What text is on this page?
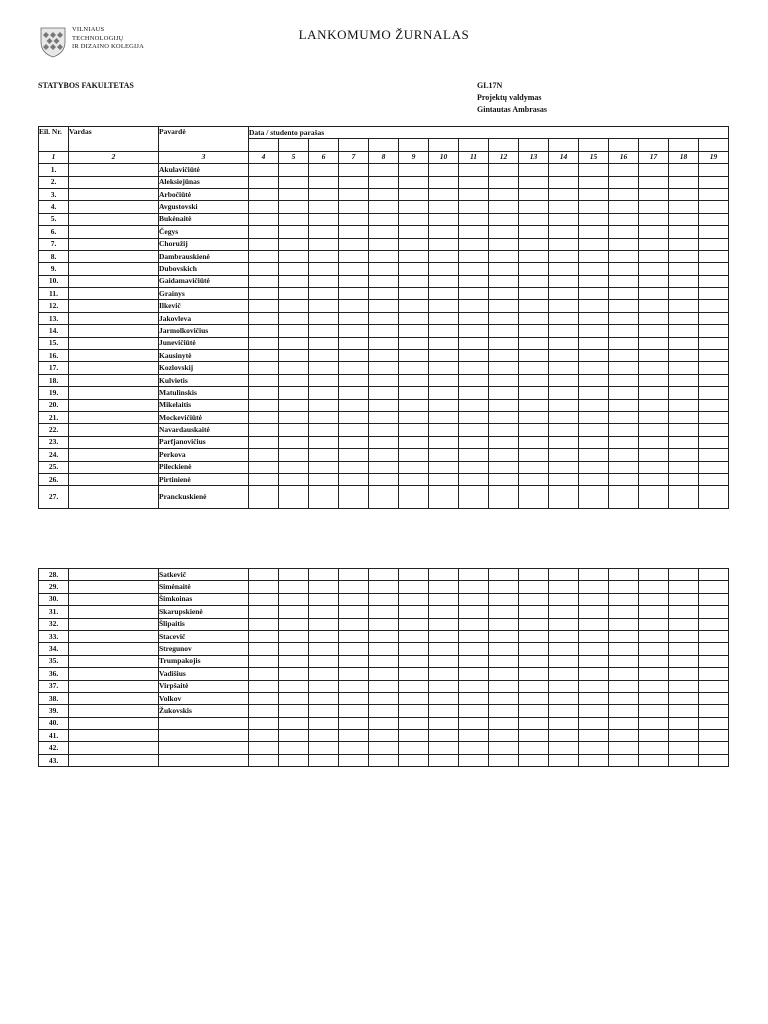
VILNIAUS
TECHNOLOGIJŲ
IR DIZAINO KOLEGIJA
LANKOMUMO ŽURNALAS
STATYBOS FAKULTETAS	GL17N
Projektų valdymas
Gintautas Ambrasas
Eil. Nr.	Vardas	Pavardė	Data / studento parašas															

1	2	3	4	5	6	7	8	9	10	11	12	13	14	15	16	17	18	19
1.		Akulavičiūtė																
2.		Aleksiejūnas																
3.		Arbočiūtė																
4.		Avgustovski																
5.		Bukėnaitė																
6.		Čegys																
7.		Choružij																
8.		Dambrauskienė																
9.		Dubovskich																
10.		Gaidamavičiūtė																
11.		Grainys																
12.		Ilkevič																
13.		Jakovleva																
14.		Jarmolkovičius																
15.		Junevičiūtė																
16.		Kausinytė																
17.		Kozlovskij																
18.		Kulvietis																
19.		Matulinskis																
20.		Mikelaitis																
21.		Mockevičiūtė																
22.		Navardauskaitė																
23.		Parfjanovičius																
24.		Perkova																
25.		Pileckienė																
26.		Pirtinienė																
27.		Pranckuskienė																
28.		Satkevič																
29.		Simėnaitė																
30.		Šimkoinas																
31.		Skarupskienė																
32.		Šlipaitis																
33.		Stacevič																
34.		Stregunov																
35.		Trumpakojis																
36.		Vadišius																
37.		Virpšaitė																
38.		Volkov																
39.		Žukovskis																
40.																		
41.																		
42.																		
43.																		
